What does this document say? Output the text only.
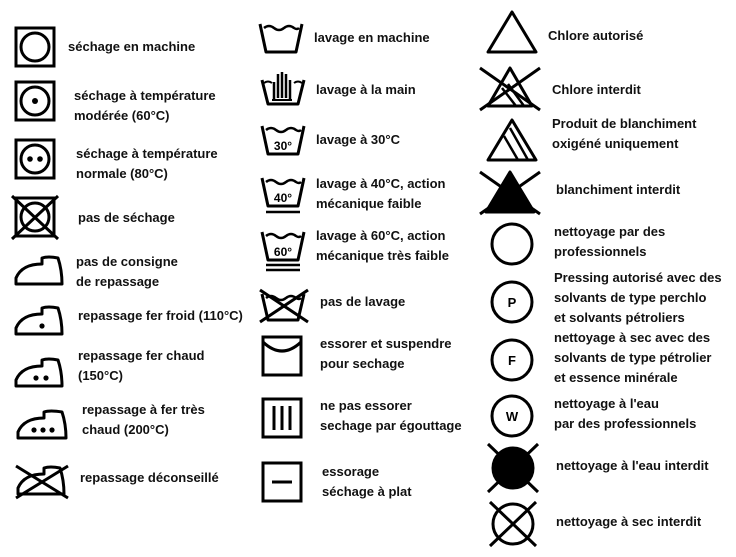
séchage en machine
séchage à température
modérée (60°C)
séchage à température
normale (80°C)
pas de séchage
pas de consigne
de repassage
repassage fer froid (110°C)
repassage fer chaud
(150°C)
repassage à fer très
chaud (200°C)
repassage déconseillé
lavage en machine
lavage à la main
30° lavage à 30°C
40°
lavage à 40°C, action
mécanique faible
60°
lavage à 60°C, action
mécanique très faible
pas de lavage
essorer et suspendre
pour sechage
ne pas essorer
sechage par égouttage
essorage
séchage à plat
Chlore autorisé
Chlore interdit
Produit de blanchiment
oxigéné uniquement
blanchiment interdit
nettoyage par des
professionnels
P
Pressing autorisé avec des
solvants de type perchlo
et solvants pétroliers
F
nettoyage à sec avec des
solvants de type pétrolier
et essence minérale
W
nettoyage à l'eau
par des professionnels
nettoyage à l'eau interdit
nettoyage à sec interdit
